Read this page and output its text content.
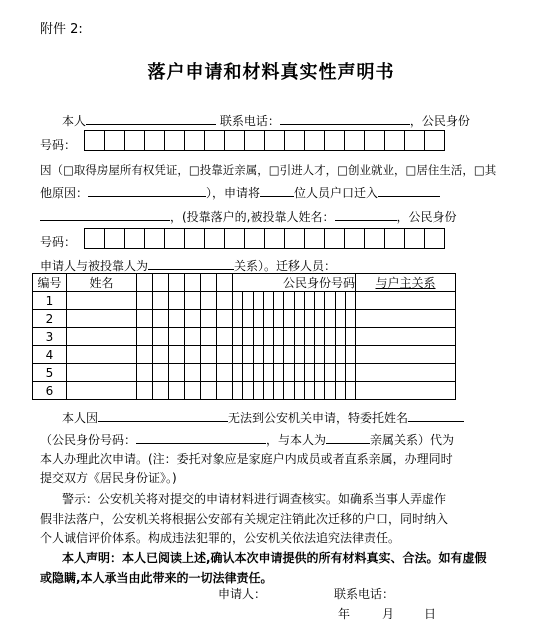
附件 2:
落户申请和材料真实性声明书
本人	联系电话：	，公民身份
号码：
因（□取得房屋所有权凭证，□投靠近亲属，□引进人才，□创业就业，□居住生活，□其
他原因：	），申请将	位人员户口迁入
，(投靠落户的,被投靠人姓名：	，公民身份
号码：
申请人与被投靠人为	关系）。迁移人员：
编号	姓名							公民身份号码												与户主关系
1																				
2																				
3																				
4																				
5																				
6																				
本人因	无法到公安机关申请，特委托姓名
（公民身份号码：	，与本人为	亲属关系）代为
本人办理此次申请。(注：委托对象应是家庭户内成员或者直系亲属，办理同时
提交双方《居民身份证》。)
警示：公安机关将对提交的申请材料进行调查核实。如确系当事人弄虚作
假非法落户，公安机关将根据公安部有关规定注销此次迁移的户口，同时纳入
个人诚信评价体系。构成违法犯罪的，公安机关依法追究法律责任。
本人声明：本人已阅读上述,确认本次申请提供的所有材料真实、合法。如有虚假
或隐瞒,本人承当由此带来的一切法律责任。
申请人：	联系电话：
年	月 日
